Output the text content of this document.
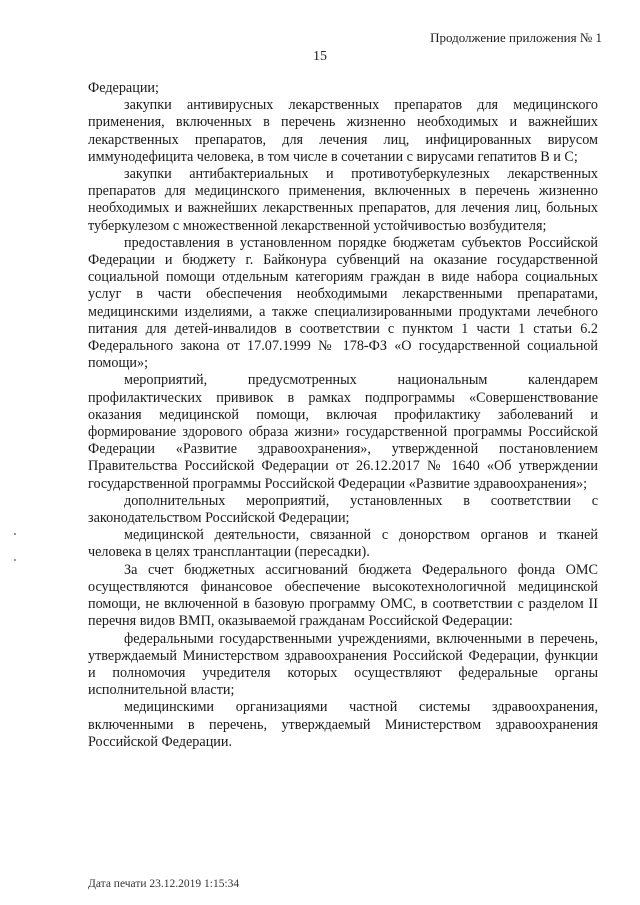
Продолжение приложения № 1
15

Федерации;

закупки антивирусных лекарственных препаратов для медицинского применения, включенных в перечень жизненно необходимых и важнейших лекарственных препаратов, для лечения лиц, инфицированных вирусом иммунодефицита человека, в том числе в сочетании с вирусами гепатитов В и С;

закупки антибактериальных и противотуберкулезных лекарственных препаратов для медицинского применения, включенных в перечень жизненно необходимых и важнейших лекарственных препаратов, для лечения лиц, больных туберкулезом с множественной лекарственной устойчивостью возбудителя;

предоставления в установленном порядке бюджетам субъектов Российской Федерации и бюджету г. Байконура субвенций на оказание государственной социальной помощи отдельным категориям граждан в виде набора социальных услуг в части обеспечения необходимыми лекарственными препаратами, медицинскими изделиями, а также специализированными продуктами лечебного питания для детей-инвалидов в соответствии с пунктом 1 части 1 статьи 6.2 Федерального закона от 17.07.1999 № 178-ФЗ «О государственной социальной помощи»;

мероприятий, предусмотренных национальным календарем профилактических прививок в рамках подпрограммы «Совершенствование оказания медицинской помощи, включая профилактику заболеваний и формирование здорового образа жизни» государственной программы Российской Федерации «Развитие здравоохранения», утвержденной постановлением Правительства Российской Федерации от 26.12.2017 № 1640 «Об утверждении государственной программы Российской Федерации «Развитие здравоохранения»;

дополнительных мероприятий, установленных в соответствии с законодательством Российской Федерации;

медицинской деятельности, связанной с донорством органов и тканей человека в целях трансплантации (пересадки).

За счет бюджетных ассигнований бюджета Федерального фонда ОМС осуществляются финансовое обеспечение высокотехнологичной медицинской помощи, не включенной в базовую программу ОМС, в соответствии с разделом II перечня видов ВМП, оказываемой гражданам Российской Федерации:

федеральными государственными учреждениями, включенными в перечень, утверждаемый Министерством здравоохранения Российской Федерации, функции и полномочия учредителя которых осуществляют федеральные органы исполнительной власти;

медицинскими организациями частной системы здравоохранения, включенными в перечень, утверждаемый Министерством здравоохранения Российской Федерации.

Дата печати 23.12.2019 1:15:34
